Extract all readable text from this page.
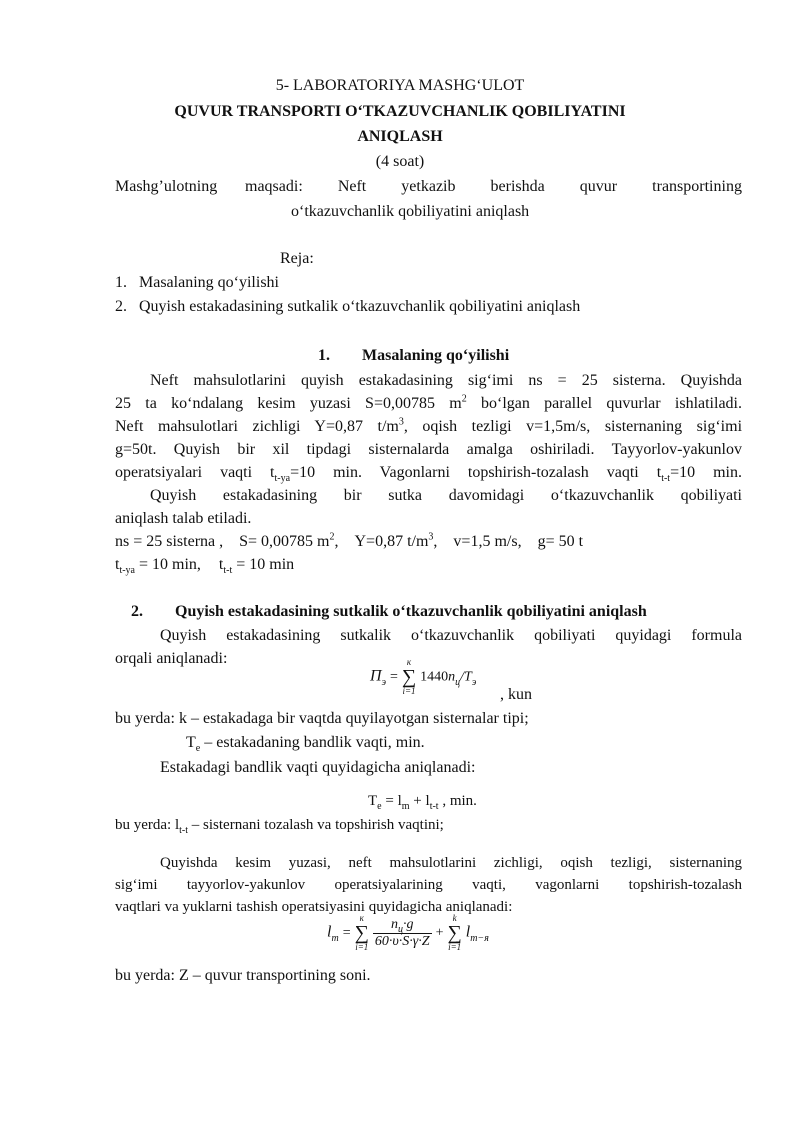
5- LABORATORIYA MASHG‘ULOT
QUVUR TRANSPORTI O‘TKAZUVCHANLIK QOBILIYATINI
ANIQLASH
(4 soat)
Mashg’ulotning maqsadi: Neft yetkazib berishda quvur transportining
o‘tkazuvchanlik qobiliyatini aniqlash
Reja:
1. Masalaning qo‘yilishi
2. Quyish estakadasining sutkalik o‘tkazuvchanlik qobiliyatini aniqlash
1. Masalaning qo‘yilishi
Neft mahsulotlarini quyish estakadasining sig‘imi ns = 25 sisterna. Quyishda
25 ta ko‘ndalang kesim yuzasi S=0,00785 $m^2$ bo‘lgan parallel quvurlar ishlatiladi.
Neft mahsulotlari zichligi Y=0,87 $t/m^3$, oqish tezligi v=1,5m/s, sisternaning sig‘imi
g=50t. Quyish bir xil tipdagi sisternalarda amalga oshiriladi. Tayyorlov-yakunlov
operatsiyalari vaqti $t_{t-ya}=10$ min. Vagonlarni topshirish-tozalash vaqti $t_{t-t}=10$ min.
Quyish estakadasining bir sutka davomidagi o‘tkazuvchanlik qobiliyati
aniqlash talab etiladi.
ns = 25 sisterna , S= 0,00785 $m^2$, Y=0,87 $t/m^3$, v=1,5 m/s, g= 50 t
$t_{t-ya} = 10$ min, $t_{t-t} = 10$ min
2. Quyish estakadasining sutkalik o‘tkazuvchanlik qobiliyatini aniqlash
Quyish estakadasining sutkalik o‘tkazuvchanlik qobiliyati quyidagi formula
orqali aniqlanadi:
$П_э$ =
к
∑
i=1
$1440n_ц/T_э$
, kun
bu yerda: k – estakadaga bir vaqtda quyilayotgan sisternalar tipi;
$T_e$ – estakadaning bandlik vaqti, min.
Estakadagi bandlik vaqti quyidagicha aniqlanadi:
$T_e = l_m + l_{t-t}$ , min.
bu yerda: $l_{t-t}$ – sisternani tozalash va topshirish vaqtini;
Quyishda kesim yuzasi, neft mahsulotlarini zichligi, oqish tezligi, sisternaning
sig‘imi tayyorlov-yakunlov operatsiyalarining vaqti, vagonlarni topshirish-tozalash
vaqtlari va yuklarni tashish operatsiyasini quyidagicha aniqlanadi:
$l_m$ =
к
∑
i=1
$\frac{n_ц\cdot g}{60\cdot\upsilon\cdot S\cdot\gamma\cdot Z}$ +
k
∑
i=1
$l_{m-я}$
bu yerda: Z – quvur transportining soni.
